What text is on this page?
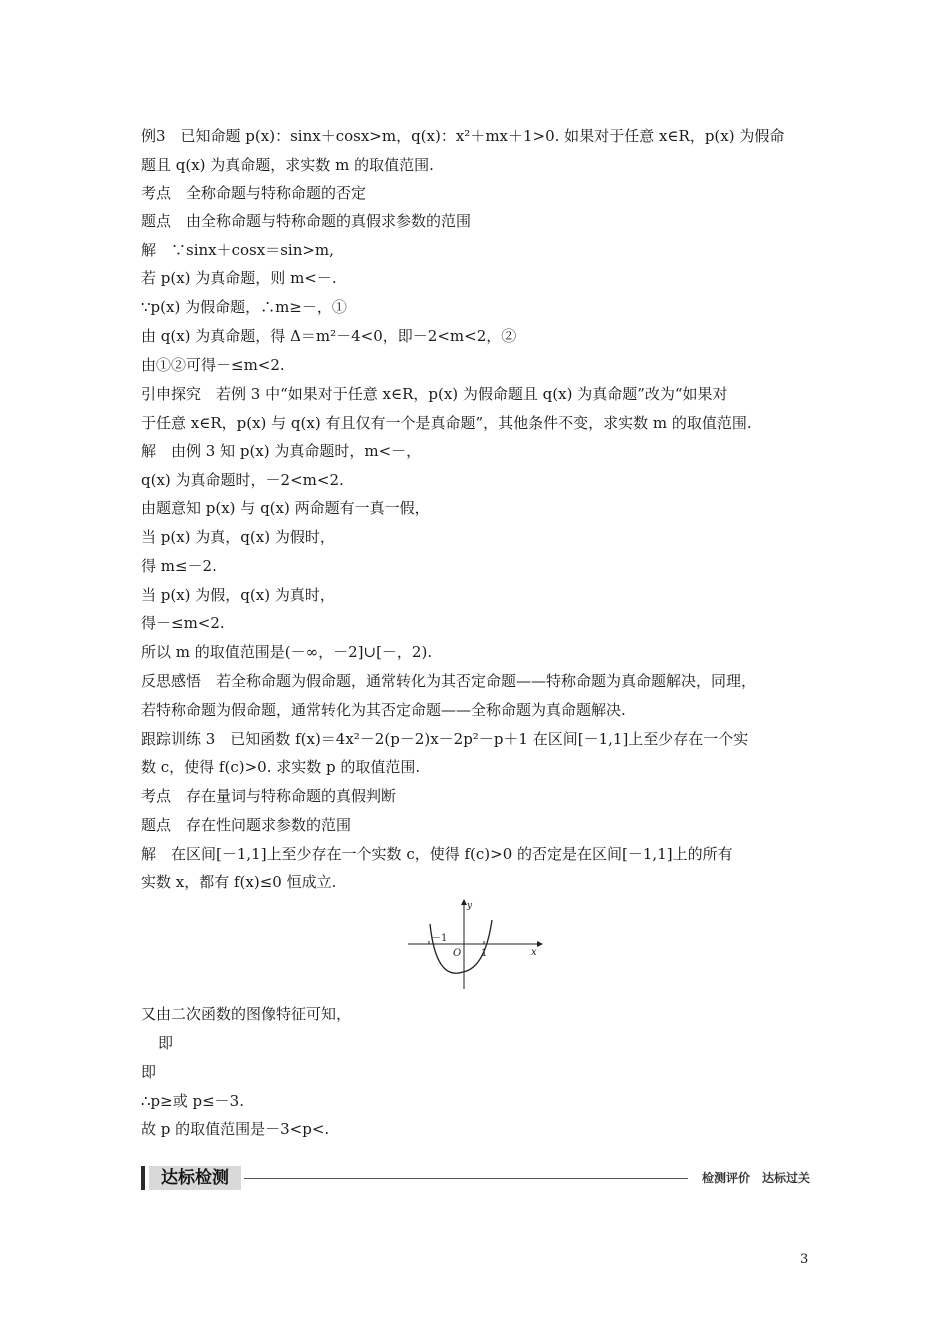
例3　已知命题 p(x)：sinx＋cosx>m，q(x)：x²＋mx＋1>0. 如果对于任意 x∈R，p(x) 为假命
题且 q(x) 为真命题，求实数 m 的取值范围.
考点　全称命题与特称命题的否定
题点　由全称命题与特称命题的真假求参数的范围
解　∵sinx＋cosx＝sin>m,
若 p(x) 为真命题，则 m<－.
∵p(x) 为假命题，∴m≥－，①
由 q(x) 为真命题，得 Δ＝m²－4<0，即－2<m<2，②
由①②可得－≤m<2.
引申探究　若例 3 中“如果对于任意 x∈R，p(x) 为假命题且 q(x) 为真命题”改为“如果对
于任意 x∈R，p(x) 与 q(x) 有且仅有一个是真命题”，其他条件不变，求实数 m 的取值范围.
解　由例 3 知 p(x) 为真命题时，m<－，
q(x) 为真命题时，－2<m<2.
由题意知 p(x) 与 q(x) 两命题有一真一假，
当 p(x) 为真，q(x) 为假时，
得 m≤－2.
当 p(x) 为假，q(x) 为真时，
得－≤m<2.
所以 m 的取值范围是(－∞，－2]∪[－，2).
反思感悟　若全称命题为假命题，通常转化为其否定命题——特称命题为真命题解决，同理，
若特称命题为假命题，通常转化为其否定命题——全称命题为真命题解决.
跟踪训练 3　已知函数 f(x)＝4x²－2(p－2)x－2p²－p＋1 在区间[－1,1]上至少存在一个实
数 c，使得 f(c)>0. 求实数 p 的取值范围.
考点　存在量词与特称命题的真假判断
题点　存在性问题求参数的范围
解　在区间[－1,1]上至少存在一个实数 c，使得 f(c)>0 的否定是在区间[－1,1]上的所有
实数 x，都有 f(x)≤0 恒成立.
y
x
－1
O 1
又由二次函数的图像特征可知，
即
即
∴p≥或 p≤－3.
故 p 的取值范围是－3<p<.
达标检测	检测评价　达标过关
3
